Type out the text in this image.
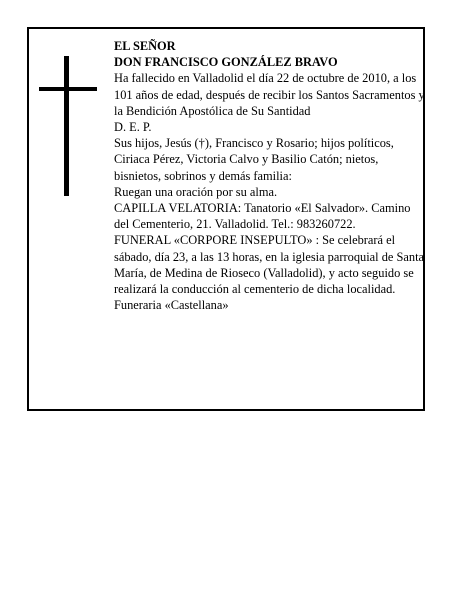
EL SEÑOR

DON FRANCISCO GONZÁLEZ BRAVO

Ha fallecido en Valladolid el día 22 de octubre de 2010, a los 101 años de edad, después de recibir los Santos Sacramentos y la Bendición Apostólica de Su Santidad

D. E. P.

Sus hijos, Jesús (†), Francisco y Rosario; hijos políticos, Ciriaca Pérez, Victoria Calvo y Basilio Catón; nietos, bisnietos, sobrinos y demás familia:

Ruegan una oración por su alma.

CAPILLA VELATORIA: Tanatorio «El Salvador». Camino del Cementerio, 21. Valladolid. Tel.: 983260722.

FUNERAL «CORPORE INSEPULTO» : Se celebrará el sábado, día 23, a las 13 horas, en la iglesia parroquial de Santa María, de Medina de Rioseco (Valladolid), y acto seguido se realizará la conducción al cementerio de dicha localidad.

Funeraria «Castellana»
